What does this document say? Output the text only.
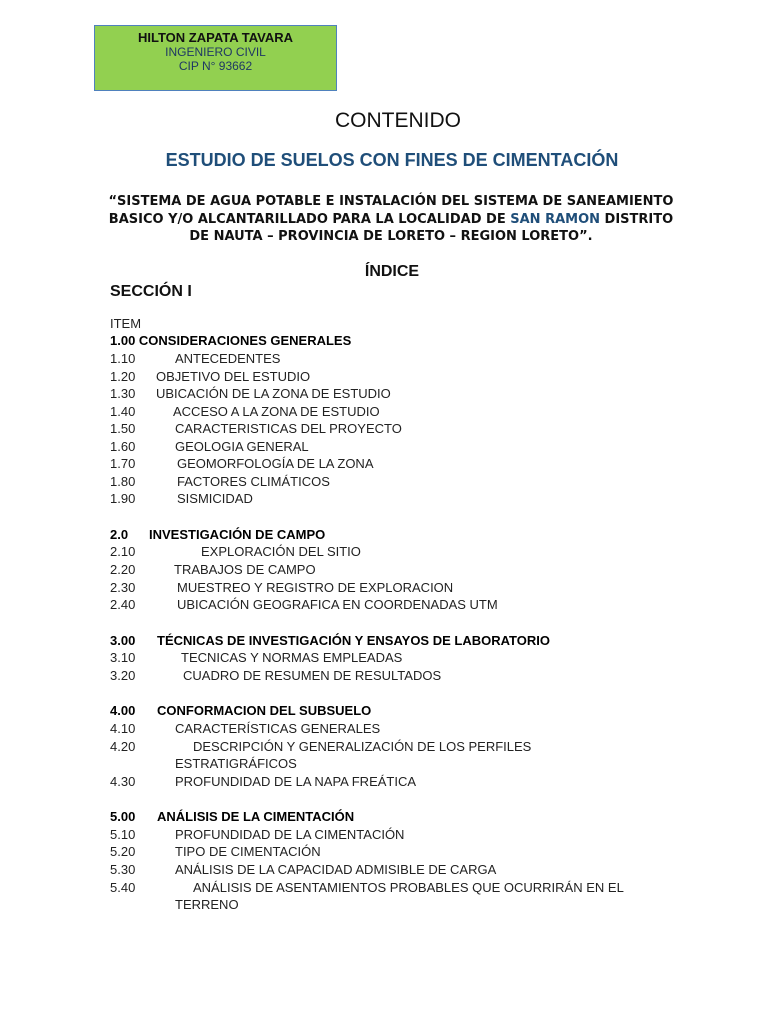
HILTON ZAPATA TAVARA
INGENIERO CIVIL
CIP N° 93662
CONTENIDO
ESTUDIO DE SUELOS CON FINES DE CIMENTACIÓN
“SISTEMA DE AGUA POTABLE E INSTALACIÓN DEL SISTEMA DE SANEAMIENTO BASICO Y/O ALCANTARILLADO PARA LA LOCALIDAD DE SAN RAMON DISTRITO DE NAUTA – PROVINCIA DE LORETO – REGION LORETO”.
ÍNDICE
SECCIÓN I
ITEM
1.00 CONSIDERACIONES GENERALES
1.10	ANTECEDENTES
1.20 OBJETIVO DEL ESTUDIO
1.30 UBICACIÓN DE LA ZONA DE ESTUDIO
1.40	ACCESO A LA ZONA DE ESTUDIO
1.50	CARACTERISTICAS DEL PROYECTO
1.60	GEOLOGIA GENERAL
1.70	GEOMORFOLOGÍA DE LA ZONA
1.80	FACTORES CLIMÁTICOS
1.90	SISMICIDAD
2.0 INVESTIGACIÓN DE CAMPO
2.10	EXPLORACIÓN DEL SITIO
2.20	TRABAJOS DE CAMPO
2.30	MUESTREO Y REGISTRO DE EXPLORACION
2.40	UBICACIÓN GEOGRAFICA EN COORDENADAS UTM
3.00 TÉCNICAS DE INVESTIGACIÓN Y ENSAYOS DE LABORATORIO
3.10	TECNICAS Y NORMAS EMPLEADAS
3.20	CUADRO DE RESUMEN DE RESULTADOS
4.00 CONFORMACION DEL SUBSUELO
4.10	CARACTERÍSTICAS GENERALES
4.20	DESCRIPCIÓN Y GENERALIZACIÓN DE LOS PERFILES
ESTRATIGRÁFICOS
4.30	PROFUNDIDAD DE LA NAPA FREÁTICA
5.00 ANÁLISIS DE LA CIMENTACIÓN
5.10	PROFUNDIDAD DE LA CIMENTACIÓN
5.20	TIPO DE CIMENTACIÓN
5.30	ANÁLISIS DE LA CAPACIDAD ADMISIBLE DE CARGA
5.40	ANÁLISIS DE ASENTAMIENTOS PROBABLES QUE OCURRIRÁN EN EL
TERRENO
